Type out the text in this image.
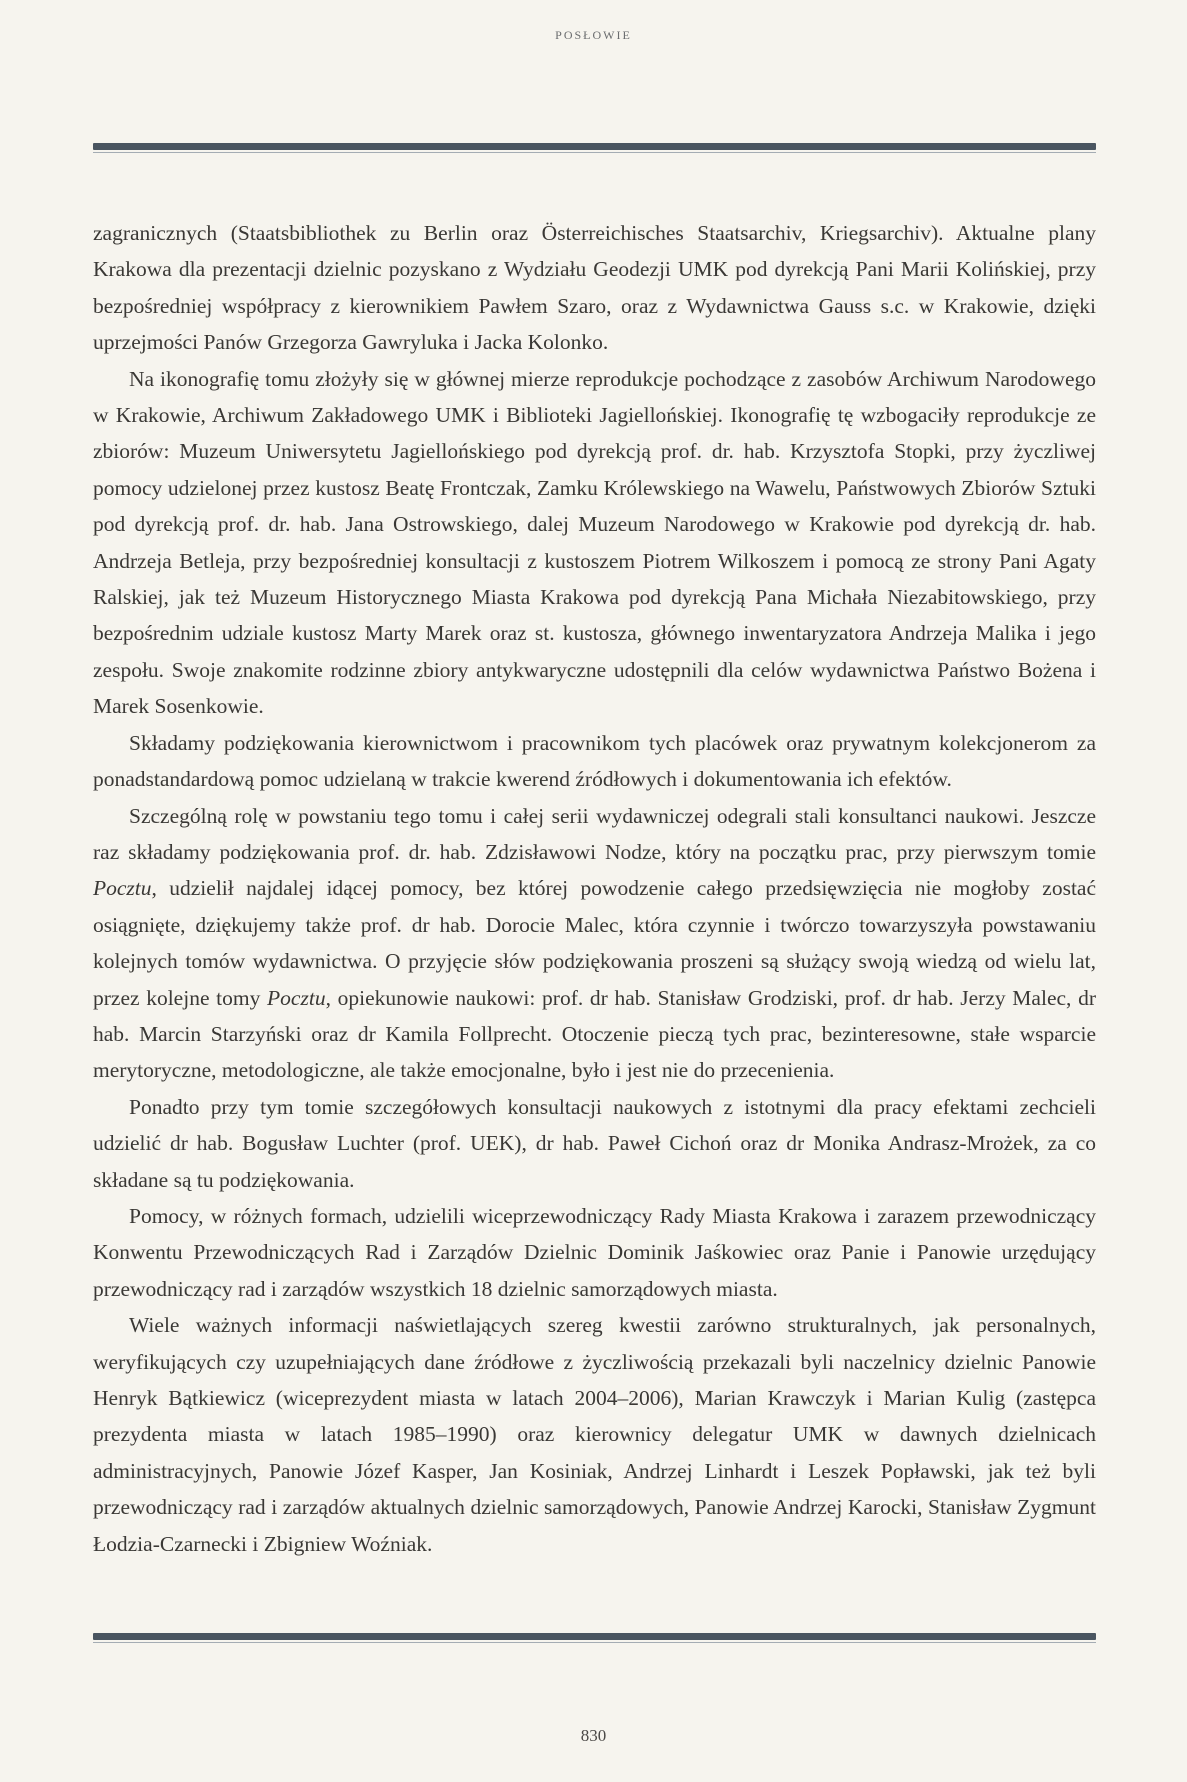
POSŁOWIE

zagranicznych (Staatsbibliothek zu Berlin oraz Österreichisches Staatsarchiv, Kriegsarchiv). Aktualne plany Krakowa dla prezentacji dzielnic pozyskano z Wydziału Geodezji UMK pod dyrekcją Pani Marii Kolińskiej, przy bezpośredniej współpracy z kierownikiem Pawłem Szaro, oraz z Wydawnictwa Gauss s.c. w Krakowie, dzięki uprzejmości Panów Grzegorza Gawryluka i Jacka Kolonko.

Na ikonografię tomu złożyły się w głównej mierze reprodukcje pochodzące z zasobów Archiwum Narodowego w Krakowie, Archiwum Zakładowego UMK i Biblioteki Jagiellońskiej. Ikonografię tę wzbogaciły reprodukcje ze zbiorów: Muzeum Uniwersytetu Jagiellońskiego pod dyrekcją prof. dr. hab. Krzysztofa Stopki, przy życzliwej pomocy udzielonej przez kustosz Beatę Frontczak, Zamku Królewskiego na Wawelu, Państwowych Zbiorów Sztuki pod dyrekcją prof. dr. hab. Jana Ostrowskiego, dalej Muzeum Narodowego w Krakowie pod dyrekcją dr. hab. Andrzeja Betleja, przy bezpośredniej konsultacji z kustoszem Piotrem Wilkoszem i pomocą ze strony Pani Agaty Ralskiej, jak też Muzeum Historycznego Miasta Krakowa pod dyrekcją Pana Michała Niezabitowskiego, przy bezpośrednim udziale kustosz Marty Marek oraz st. kustosza, głównego inwentaryzatora Andrzeja Malika i jego zespołu. Swoje znakomite rodzinne zbiory antykwaryczne udostępnili dla celów wydawnictwa Państwo Bożena i Marek Sosenkowie.

Składamy podziękowania kierownictwom i pracownikom tych placówek oraz prywatnym kolekcjonerom za ponadstandardową pomoc udzielaną w trakcie kwerend źródłowych i dokumentowania ich efektów.

Szczególną rolę w powstaniu tego tomu i całej serii wydawniczej odegrali stali konsultanci naukowi. Jeszcze raz składamy podziękowania prof. dr. hab. Zdzisławowi Nodze, który na początku prac, przy pierwszym tomie Pocztu, udzielił najdalej idącej pomocy, bez której powodzenie całego przedsięwzięcia nie mogłoby zostać osiągnięte, dziękujemy także prof. dr hab. Dorocie Malec, która czynnie i twórczo towarzyszyła powstawaniu kolejnych tomów wydawnictwa. O przyjęcie słów podziękowania proszeni są służący swoją wiedzą od wielu lat, przez kolejne tomy Pocztu, opiekunowie naukowi: prof. dr hab. Stanisław Grodziski, prof. dr hab. Jerzy Malec, dr hab. Marcin Starzyński oraz dr Kamila Follprecht. Otoczenie pieczą tych prac, bezinteresowne, stałe wsparcie merytoryczne, metodologiczne, ale także emocjonalne, było i jest nie do przecenienia.

Ponadto przy tym tomie szczegółowych konsultacji naukowych z istotnymi dla pracy efektami zechcieli udzielić dr hab. Bogusław Luchter (prof. UEK), dr hab. Paweł Cichoń oraz dr Monika Andrasz-Mrożek, za co składane są tu podziękowania.

Pomocy, w różnych formach, udzielili wiceprzewodniczący Rady Miasta Krakowa i zarazem przewodniczący Konwentu Przewodniczących Rad i Zarządów Dzielnic Dominik Jaśkowiec oraz Panie i Panowie urzędujący przewodniczący rad i zarządów wszystkich 18 dzielnic samorządowych miasta.

Wiele ważnych informacji naświetlających szereg kwestii zarówno strukturalnych, jak personalnych, weryfikujących czy uzupełniających dane źródłowe z życzliwością przekazali byli naczelnicy dzielnic Panowie Henryk Bątkiewicz (wiceprezydent miasta w latach 2004–2006), Marian Krawczyk i Marian Kulig (zastępca prezydenta miasta w latach 1985–1990) oraz kierownicy delegatur UMK w dawnych dzielnicach administracyjnych, Panowie Józef Kasper, Jan Kosiniak, Andrzej Linhardt i Leszek Popławski, jak też byli przewodniczący rad i zarządów aktualnych dzielnic samorządowych, Panowie Andrzej Karocki, Stanisław Zygmunt Łodzia-Czarnecki i Zbigniew Woźniak.

830
